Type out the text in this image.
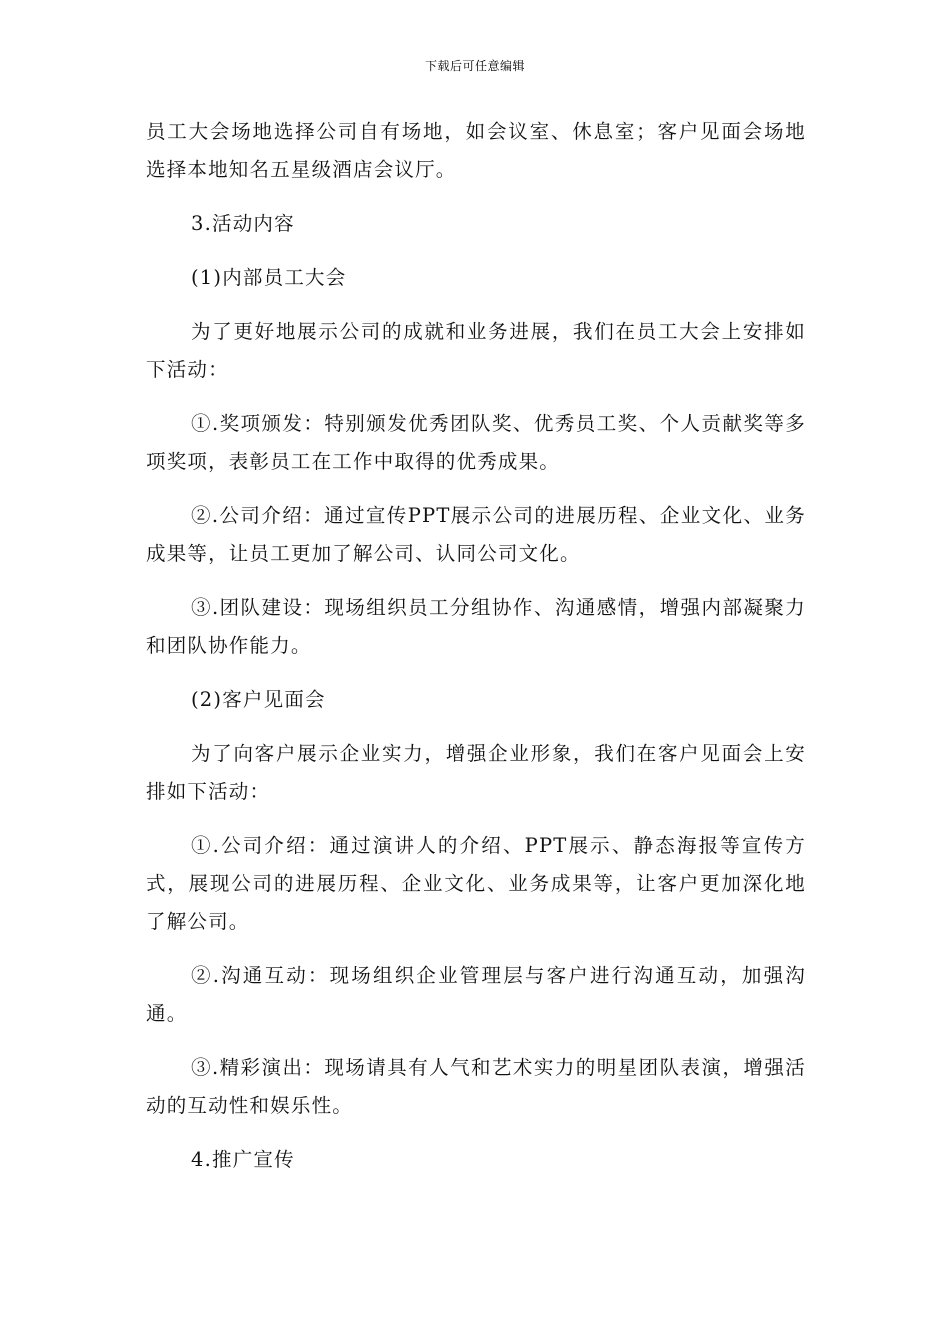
下载后可任意编辑

员工大会场地选择公司自有场地，如会议室、休息室；客户见面会场地选择本地知名五星级酒店会议厅。

3.活动内容

(1)内部员工大会

为了更好地展示公司的成就和业务进展，我们在员工大会上安排如下活动：

①.奖项颁发：特别颁发优秀团队奖、优秀员工奖、个人贡献奖等多项奖项，表彰员工在工作中取得的优秀成果。

②.公司介绍：通过宣传PPT展示公司的进展历程、企业文化、业务成果等，让员工更加了解公司、认同公司文化。

③.团队建设：现场组织员工分组协作、沟通感情，增强内部凝聚力和团队协作能力。

(2)客户见面会

为了向客户展示企业实力，增强企业形象，我们在客户见面会上安排如下活动：

①.公司介绍：通过演讲人的介绍、PPT展示、静态海报等宣传方式，展现公司的进展历程、企业文化、业务成果等，让客户更加深化地了解公司。

②.沟通互动：现场组织企业管理层与客户进行沟通互动，加强沟通。

③.精彩演出：现场请具有人气和艺术实力的明星团队表演，增强活动的互动性和娱乐性。

4.推广宣传
